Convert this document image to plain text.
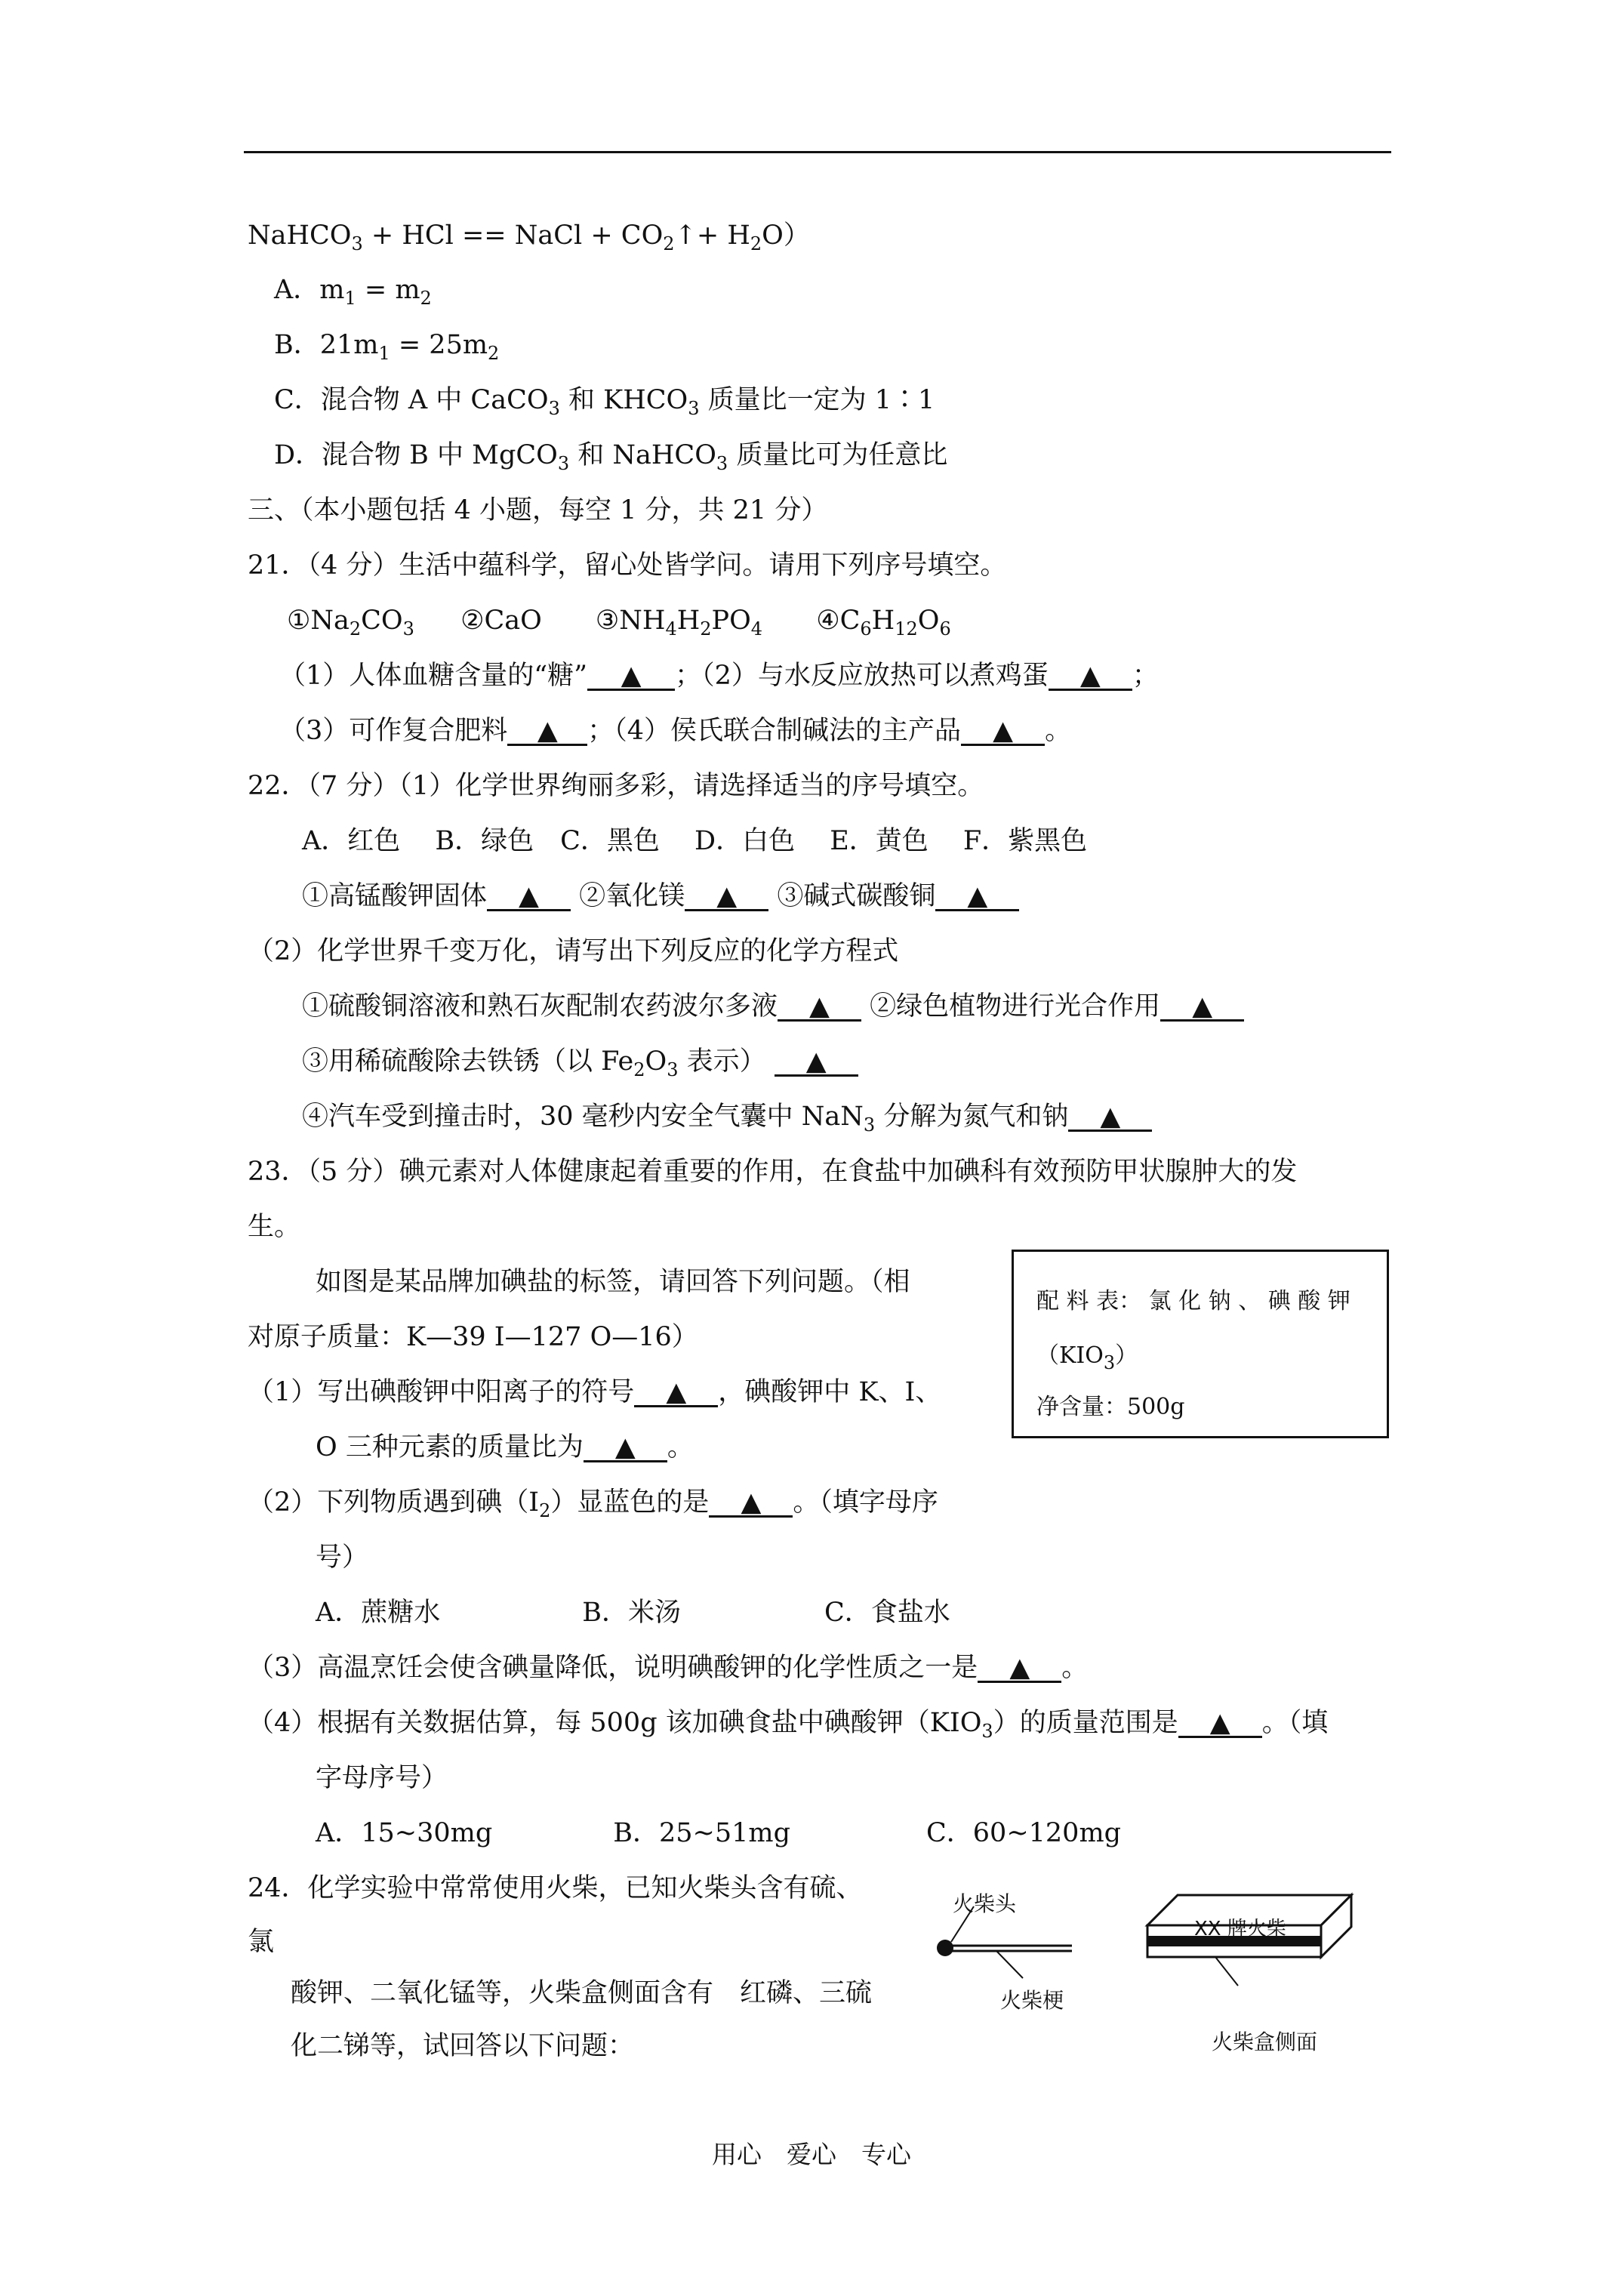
NaHCO$_3$ + HCl == NaCl + $CO_2↑+ H_2O$）
A．$m_1 = m_2$
B．$21m_1 = 25m_2$
C．混合物 A 中 CaCO$_3$ 和 $KHCO_3$ 质量比一定为 1∶1
D．混合物 B 中 MgCO$_3$ 和 NaHCO$_3$ 质量比可为任意比
三、（本小题包括 4 小题，每空 1 分，共 21 分）
21．（4 分）生活中蕴科学，留心处皆学问。请用下列序号填空。
$①Na_2CO_3$ ②CaO $③NH_4H_2PO_4$ $④C_6H_{12}O_6$
（1）人体血糖含量的“糖” ▲ ；（2）与水反应放热可以煮鸡蛋 ▲ ；
（3）可作复合肥料 ▲ ；（4）侯氏联合制碱法的主产品 ▲ 。
22．（7 分）（1）化学世界绚丽多彩，请选择适当的序号填空。
A．红色　 B．绿色　C．黑色　 D．白色　 E．黄色　 F．紫黑色
①高锰酸钾固体 ▲ ②氧化镁 ▲ ③碱式碳酸铜 ▲
（2）化学世界千变万化，请写出下列反应的化学方程式
①硫酸铜溶液和熟石灰配制农药波尔多液 ▲ ②绿色植物进行光合作用 ▲
③用稀硫酸除去铁锈（以 $Fe_2O_3$ 表示） ▲
④汽车受到撞击时，30 毫秒内安全气囊中 NaN$_3$ 分解为氮气和钠 ▲
23．（5 分）碘元素对人体健康起着重要的作用，在食盐中加碘科有效预防甲状腺肿大的发
生。
如图是某品牌加碘盐的标签，请回答下列问题。（相
对原子质量：K—39 I—127 O—16）
（1）写出碘酸钾中阳离子的符号 ▲ ，碘酸钾中 K、I、
O 三种元素的质量比为 ▲ 。
（2）下列物质遇到碘$(I_2)$显蓝色的是 ▲ 。（填字母序
号）
A．蔗糖水	B．米汤	C．食盐水
（3）高温烹饪会使含碘量降低，说明碘酸钾的化学性质之一是 ▲ 。
（4）根据有关数据估算，每 500g 该加碘食盐中碘酸钾$(KIO_3)$的质量范围是 ▲ 。（填
字母序号）
A．15~30mg	B．25~51mg	C．60~120mg
配 料 表： 氯 化 钠 、 碘 酸 钾
$(KIO_3)$
净含量：500g
24．化学实验中常常使用火柴，已知火柴头含有硫、
氯
酸钾、二氧化锰等，火柴盒侧面含有　红磷、三硫
化二锑等，试回答以下问题：
火柴头
火柴梗
XX 牌火柴
火柴盒侧面
用心　爱心　专心
